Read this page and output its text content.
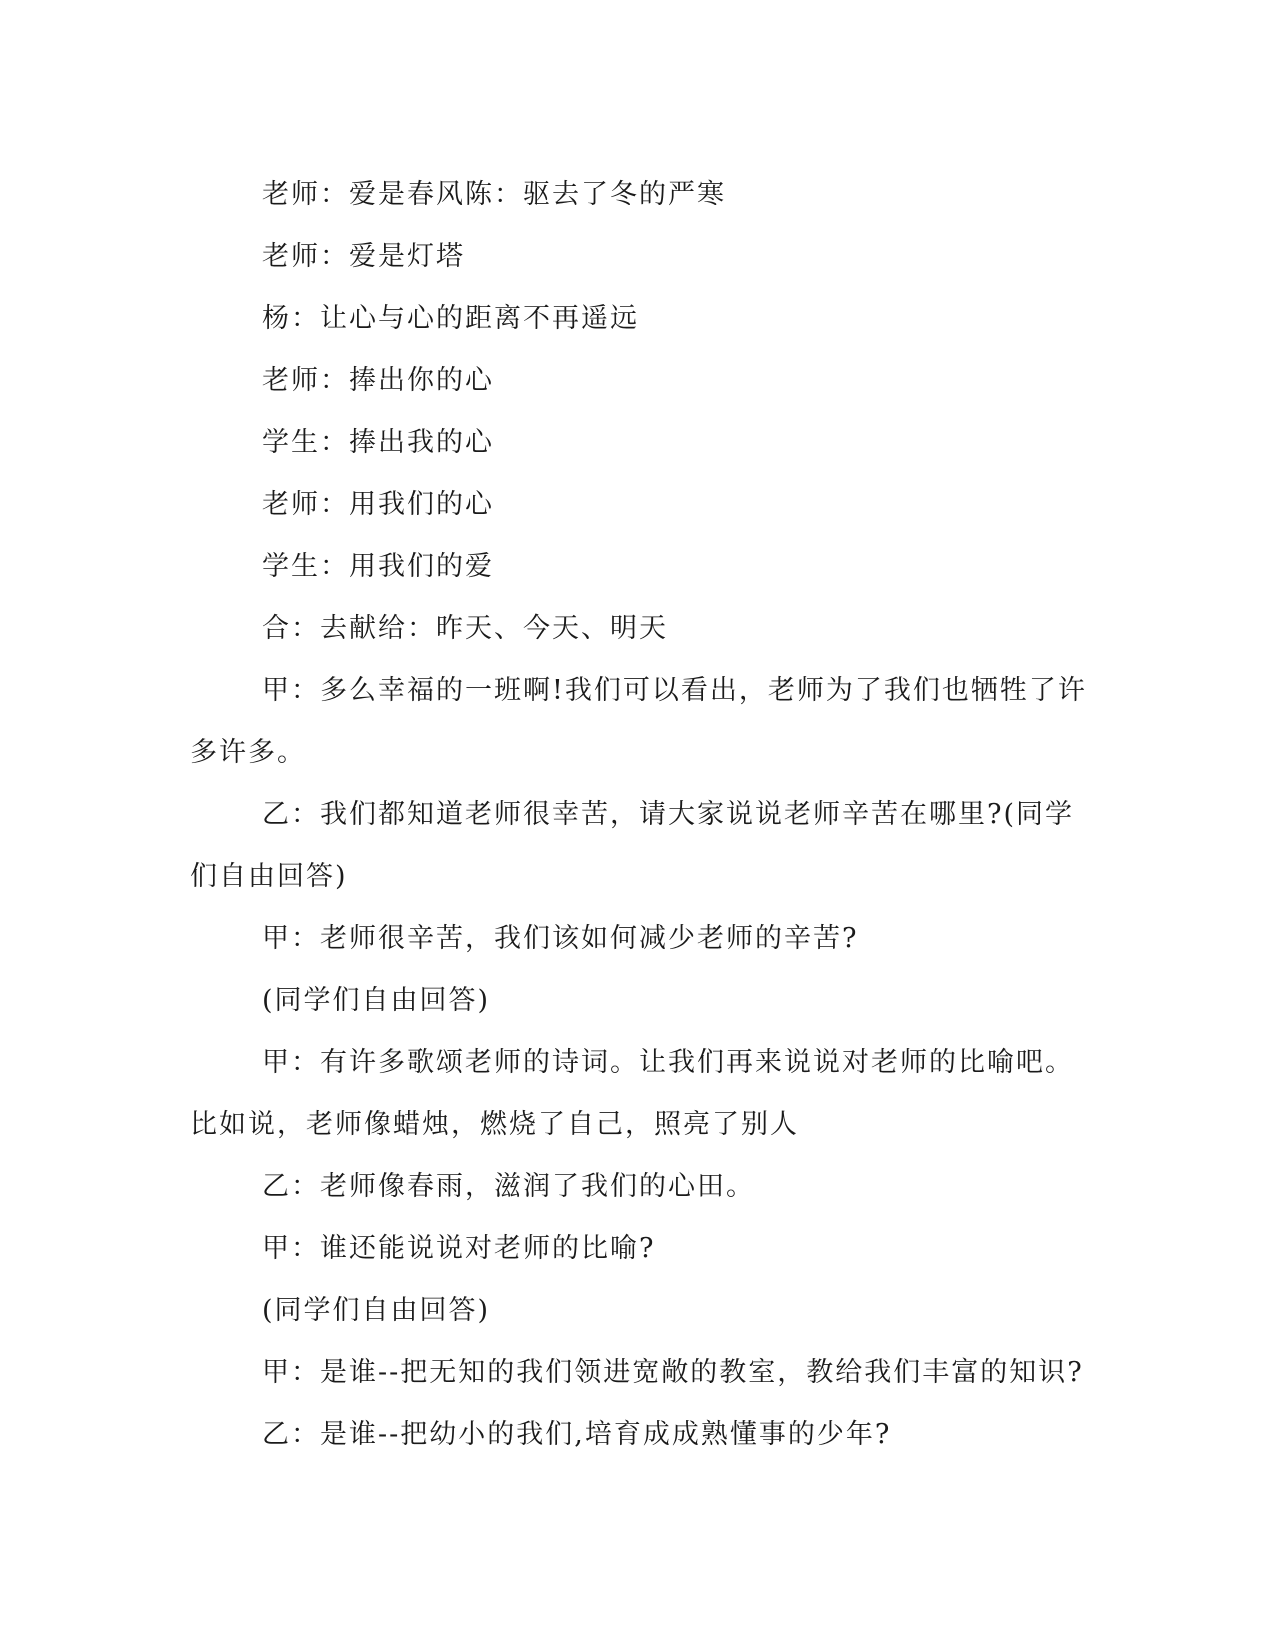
老师：爱是春风陈：驱去了冬的严寒

老师：爱是灯塔

杨：让心与心的距离不再遥远

老师：捧出你的心

学生：捧出我的心

老师：用我们的心

学生：用我们的爱

合：去献给：昨天、今天、明天

甲：多么幸福的一班啊!我们可以看出，老师为了我们也牺牲了许多许多。

乙：我们都知道老师很幸苦，请大家说说老师辛苦在哪里?(同学们自由回答)

甲：老师很辛苦，我们该如何减少老师的辛苦?

(同学们自由回答)

甲：有许多歌颂老师的诗词。让我们再来说说对老师的比喻吧。比如说，老师像蜡烛，燃烧了自己，照亮了别人

乙：老师像春雨，滋润了我们的心田。

甲：谁还能说说对老师的比喻?

(同学们自由回答)

甲：是谁--把无知的我们领进宽敞的教室，教给我们丰富的知识?

乙：是谁--把幼小的我们,培育成成熟懂事的少年?
